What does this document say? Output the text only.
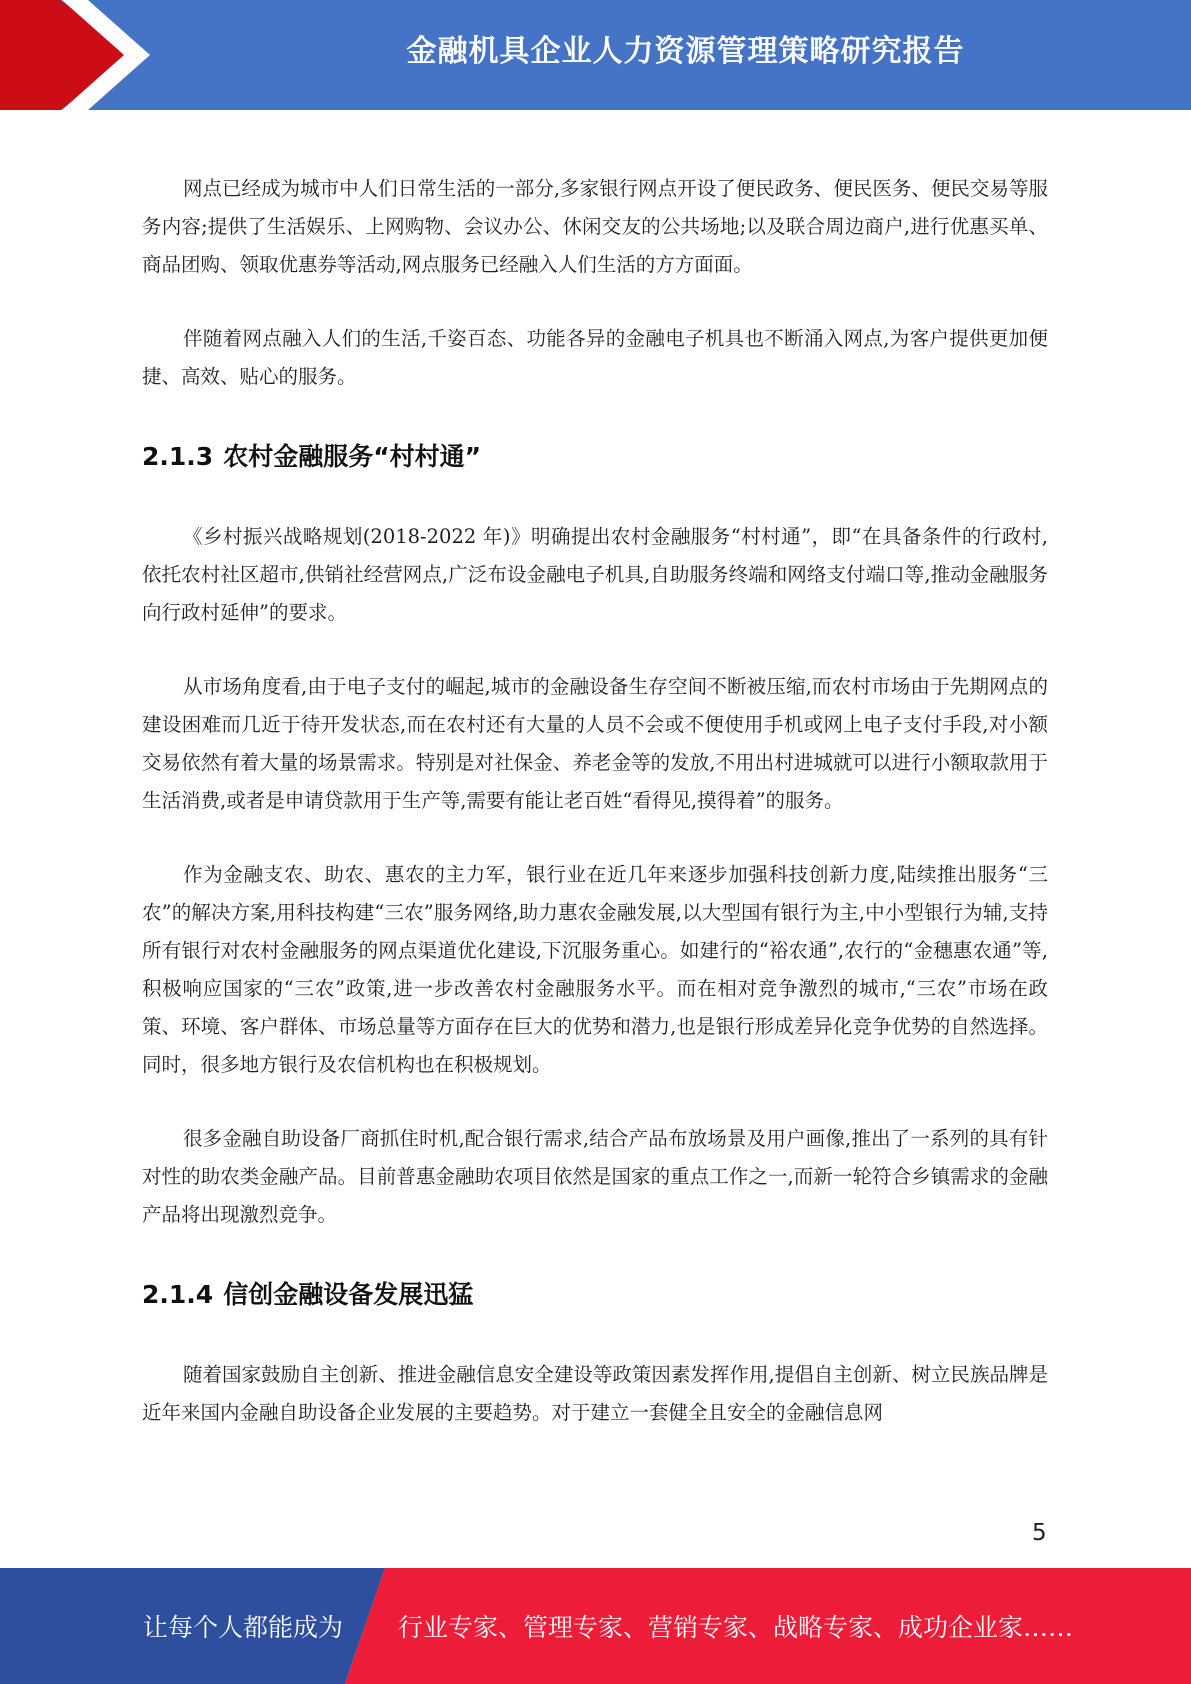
金融机具企业人力资源管理策略研究报告

网点已经成为城市中人们日常生活的一部分,多家银行网点开设了便民政务、便民医务、便民交易等服务内容;提供了生活娱乐、上网购物、会议办公、休闲交友的公共场地;以及联合周边商户,进行优惠买单、商品团购、领取优惠券等活动,网点服务已经融入人们生活的方方面面。

伴随着网点融入人们的生活,千姿百态、功能各异的金融电子机具也不断涌入网点,为客户提供更加便捷、高效、贴心的服务。

2.1.3 农村金融服务“村村通”

《乡村振兴战略规划(2018-2022 年)》明确提出农村金融服务“村村通”，即“在具备条件的行政村,依托农村社区超市,供销社经营网点,广泛布设金融电子机具,自助服务终端和网络支付端口等,推动金融服务向行政村延伸”的要求。

从市场角度看,由于电子支付的崛起,城市的金融设备生存空间不断被压缩,而农村市场由于先期网点的建设困难而几近于待开发状态,而在农村还有大量的人员不会或不便使用手机或网上电子支付手段,对小额交易依然有着大量的场景需求。特别是对社保金、养老金等的发放,不用出村进城就可以进行小额取款用于生活消费,或者是申请贷款用于生产等,需要有能让老百姓“看得见,摸得着”的服务。

作为金融支农、助农、惠农的主力军，银行业在近几年来逐步加强科技创新力度,陆续推出服务“三农”的解决方案,用科技构建“三农”服务网络,助力惠农金融发展,以大型国有银行为主,中小型银行为辅,支持所有银行对农村金融服务的网点渠道优化建设,下沉服务重心。如建行的“裕农通”,农行的“金穗惠农通”等,积极响应国家的“三农”政策,进一步改善农村金融服务水平。而在相对竞争激烈的城市,“三农”市场在政策、环境、客户群体、市场总量等方面存在巨大的优势和潜力,也是银行形成差异化竞争优势的自然选择。同时，很多地方银行及农信机构也在积极规划。

很多金融自助设备厂商抓住时机,配合银行需求,结合产品布放场景及用户画像,推出了一系列的具有针对性的助农类金融产品。目前普惠金融助农项目依然是国家的重点工作之一,而新一轮符合乡镇需求的金融产品将出现激烈竞争。

2.1.4 信创金融设备发展迅猛

随着国家鼓励自主创新、推进金融信息安全建设等政策因素发挥作用,提倡自主创新、树立民族品牌是近年来国内金融自助设备企业发展的主要趋势。对于建立一套健全且安全的金融信息网

5
让每个人都能成为 行业专家、管理专家、营销专家、战略专家、成功企业家……
